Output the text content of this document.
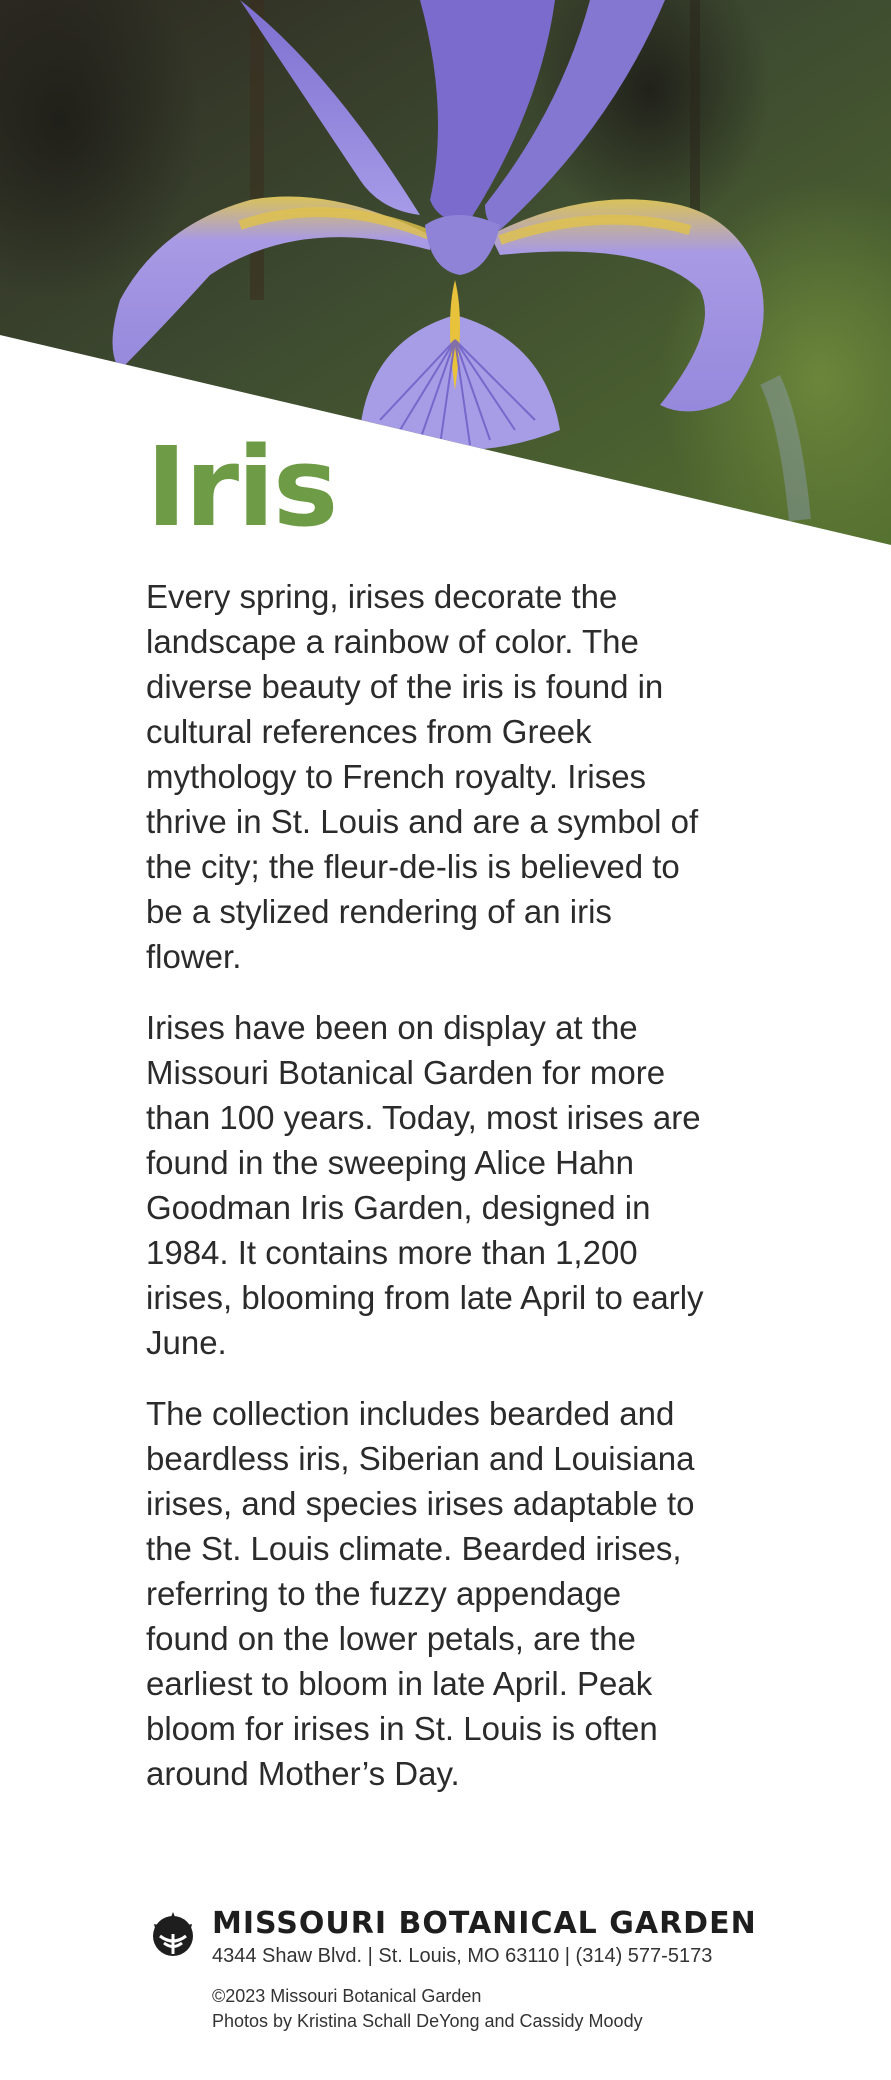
Iris

Every spring, irises decorate the landscape a rainbow of color. The diverse beauty of the iris is found in cultural references from Greek mythology to French royalty. Irises thrive in St. Louis and are a symbol of the city; the fleur-de-lis is believed to be a stylized rendering of an iris flower.

Irises have been on display at the Missouri Botanical Garden for more than 100 years. Today, most irises are found in the sweeping Alice Hahn Goodman Iris Garden, designed in 1984. It contains more than 1,200 irises, blooming from late April to early June.

The collection includes bearded and beardless iris, Siberian and Louisiana irises, and species irises adaptable to the St. Louis climate. Bearded irises, referring to the fuzzy appendage found on the lower petals, are the earliest to bloom in late April. Peak bloom for irises in St. Louis is often around Mother’s Day.

MISSOURI BOTANICAL GARDEN
4344 Shaw Blvd. | St. Louis, MO 63110 | (314) 577-5173
©2023 Missouri Botanical Garden
Photos by Kristina Schall DeYong and Cassidy Moody
